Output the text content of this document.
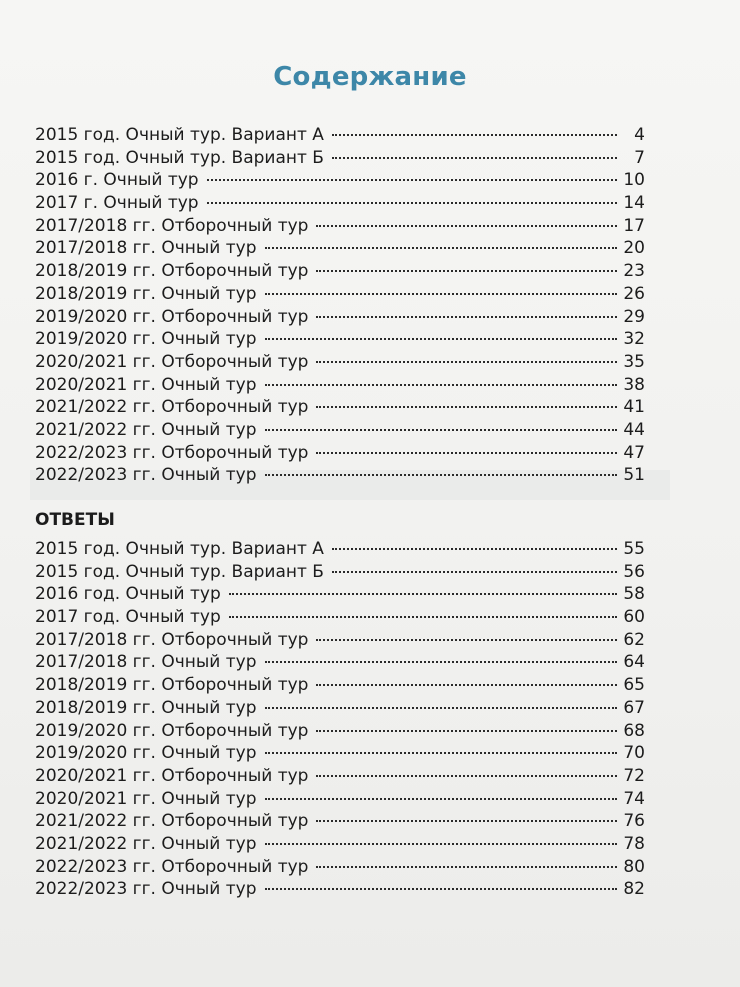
Содержание
2015 год. Очный тур. Вариант А	4
2015 год. Очный тур. Вариант Б	7
2016 г. Очный тур	10
2017 г. Очный тур	14
2017/2018 гг. Отборочный тур	17
2017/2018 гг. Очный тур	20
2018/2019 гг. Отборочный тур	23
2018/2019 гг. Очный тур	26
2019/2020 гг. Отборочный тур	29
2019/2020 гг. Очный тур	32
2020/2021 гг. Отборочный тур	35
2020/2021 гг. Очный тур	38
2021/2022 гг. Отборочный тур	41
2021/2022 гг. Очный тур	44
2022/2023 гг. Отборочный тур	47
2022/2023 гг. Очный тур	51
ОТВЕТЫ
2015 год. Очный тур. Вариант А	55
2015 год. Очный тур. Вариант Б	56
2016 год. Очный тур	58
2017 год. Очный тур	60
2017/2018 гг. Отборочный тур	62
2017/2018 гг. Очный тур	64
2018/2019 гг. Отборочный тур	65
2018/2019 гг. Очный тур	67
2019/2020 гг. Отборочный тур	68
2019/2020 гг. Очный тур	70
2020/2021 гг. Отборочный тур	72
2020/2021 гг. Очный тур	74
2021/2022 гг. Отборочный тур	76
2021/2022 гг. Очный тур	78
2022/2023 гг. Отборочный тур	80
2022/2023 гг. Очный тур	82
